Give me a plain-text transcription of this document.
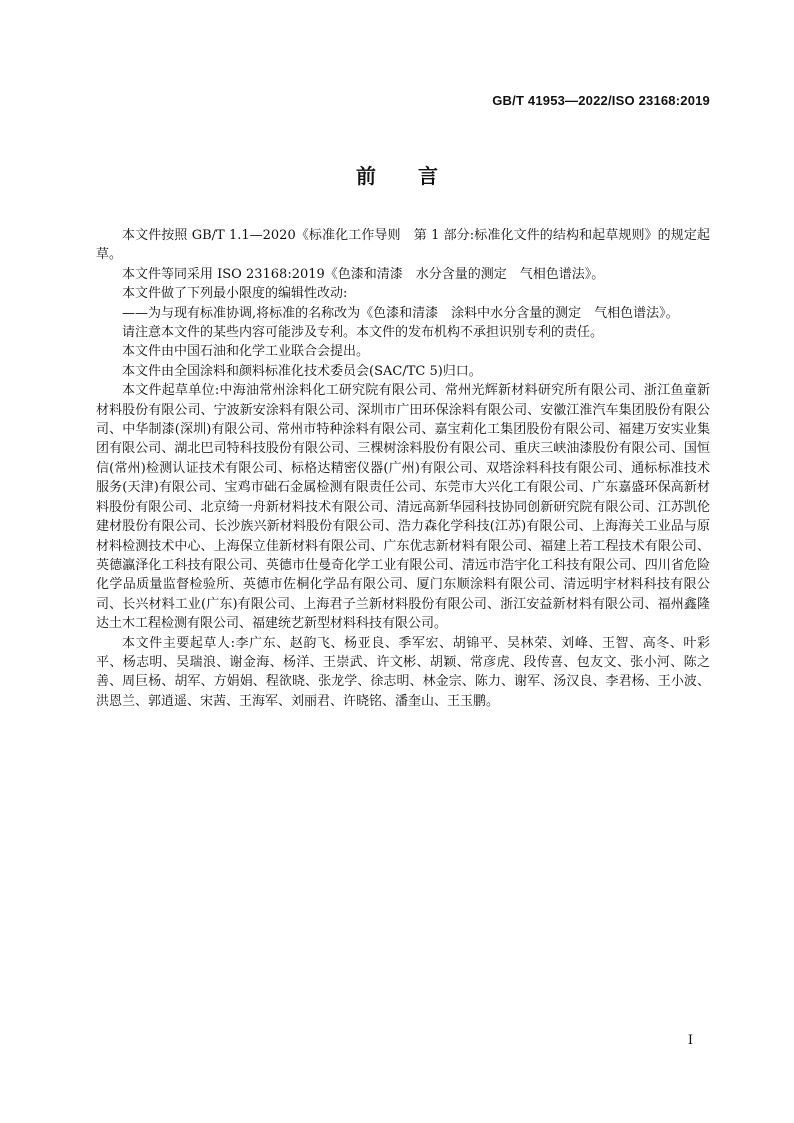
GB/T 41953—2022/ISO 23168:2019
前言

本文件按照 GB/T 1.1—2020《标准化工作导则　第 1 部分:标准化文件的结构和起草规则》的规定起草。

本文件等同采用 ISO 23168:2019《色漆和清漆　水分含量的测定　气相色谱法》。

本文件做了下列最小限度的编辑性改动:

——为与现有标准协调,将标准的名称改为《色漆和清漆　涂料中水分含量的测定　气相色谱法》。

请注意本文件的某些内容可能涉及专利。本文件的发布机构不承担识别专利的责任。

本文件由中国石油和化学工业联合会提出。

本文件由全国涂料和颜料标准化技术委员会(SAC/TC 5)归口。

本文件起草单位:中海油常州涂料化工研究院有限公司、常州光辉新材料研究所有限公司、浙江鱼童新材料股份有限公司、宁波新安涂料有限公司、深圳市广田环保涂料有限公司、安徽江淮汽车集团股份有限公司、中华制漆(深圳)有限公司、常州市特种涂料有限公司、嘉宝莉化工集团股份有限公司、福建万安实业集团有限公司、湖北巴司特科技股份有限公司、三棵树涂料股份有限公司、重庆三峡油漆股份有限公司、国恒信(常州)检测认证技术有限公司、标格达精密仪器(广州)有限公司、双塔涂料科技有限公司、通标标准技术服务(天津)有限公司、宝鸡市础石金属检测有限责任公司、东莞市大兴化工有限公司、广东嘉盛环保高新材料股份有限公司、北京绮一舟新材料技术有限公司、清远高新华园科技协同创新研究院有限公司、江苏凯伦建材股份有限公司、长沙族兴新材料股份有限公司、浩力森化学科技(江苏)有限公司、上海海关工业品与原材料检测技术中心、上海保立佳新材料有限公司、广东优志新材料有限公司、福建上若工程技术有限公司、英德瀛泽化工科技有限公司、英德市仕曼奇化学工业有限公司、清远市浩宇化工科技有限公司、四川省危险化学品质量监督检验所、英德市佐桐化学品有限公司、厦门东顺涂料有限公司、清远明宇材料科技有限公司、长兴材料工业(广东)有限公司、上海君子兰新材料股份有限公司、浙江安益新材料有限公司、福州鑫隆达土木工程检测有限公司、福建统艺新型材料科技有限公司。

本文件主要起草人:李广东、赵韵飞、杨亚良、季军宏、胡锦平、吴林荣、刘峰、王智、高冬、叶彩平、杨志明、吴瑞浪、谢金海、杨洋、王崇武、许文彬、胡颖、常彦虎、段传喜、包友文、张小河、陈之善、周巨杨、胡军、方娟娟、程欲晓、张龙学、徐志明、林金宗、陈力、谢军、汤汉良、李君杨、王小波、洪恩兰、郭逍遥、宋茜、王海军、刘丽君、许晓铭、潘奎山、王玉鹏。

I
